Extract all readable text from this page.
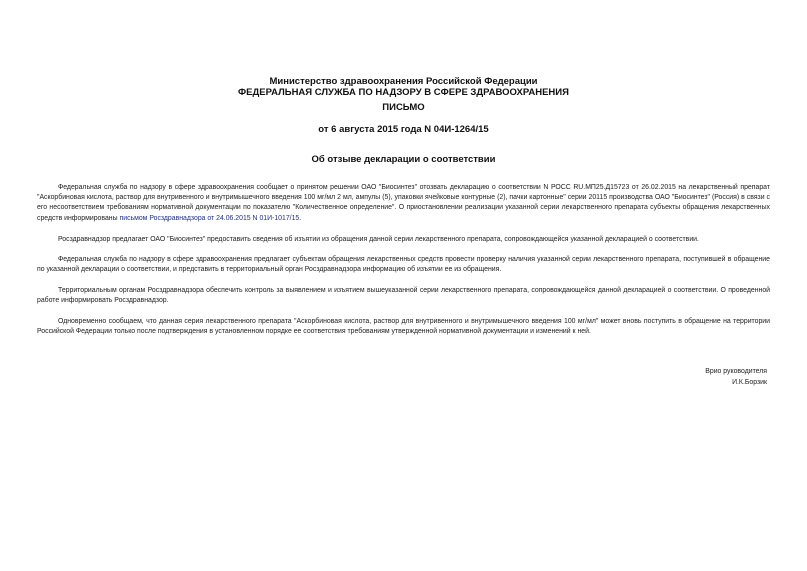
Министерство здравоохранения Российской Федерации
ФЕДЕРАЛЬНАЯ СЛУЖБА ПО НАДЗОРУ В СФЕРЕ ЗДРАВООХРАНЕНИЯ
ПИСЬМО
от 6 августа 2015 года N 04И-1264/15
Об отзыве декларации о соответствии
Федеральная служба по надзору в сфере здравоохранения сообщает о принятом решении ОАО "Биосинтез" отозвать декларацию о соответствии N РОСС RU.МП25.Д15723 от 26.02.2015 на лекарственный препарат "Аскорбиновая кислота, раствор для внутривенного и внутримышечного введения 100 мг/мл 2 мл, ампулы (5), упаковки ячейковые контурные (2), пачки картонные" серии 20115 производства ОАО "Биосинтез" (Россия) в связи с его несоответствием требованиям нормативной документации по показателю "Количественное определение". О приостановлении реализации указанной серии лекарственного препарата субъекты обращения лекарственных средств информированы письмом Росздравнадзора от 24.06.2015 N 01И-1017/15.
Росздравнадзор предлагает ОАО "Биосинтез" предоставить сведения об изъятии из обращения данной серии лекарственного препарата, сопровождающейся указанной декларацией о соответствии.
Федеральная служба по надзору в сфере здравоохранения предлагает субъектам обращения лекарственных средств провести проверку наличия указанной серии лекарственного препарата, поступившей в обращение по указанной декларации о соответствии, и представить в территориальный орган Росздравнадзора информацию об изъятии ее из обращения.
Территориальным органам Росздравнадзора обеспечить контроль за выявлением и изъятием вышеуказанной серии лекарственного препарата, сопровождающейся данной декларацией о соответствии. О проведенной работе информировать Росздравнадзор.
Одновременно сообщаем, что данная серия лекарственного препарата "Аскорбиновая кислота, раствор для внутривенного и внутримышечного введения 100 мг/мл" может вновь поступить в обращение на территории Российской Федерации только после подтверждения в установленном порядке ее соответствия требованиям утвержденной нормативной документации и изменений к ней.
Врио руководителя
И.К.Борзик
